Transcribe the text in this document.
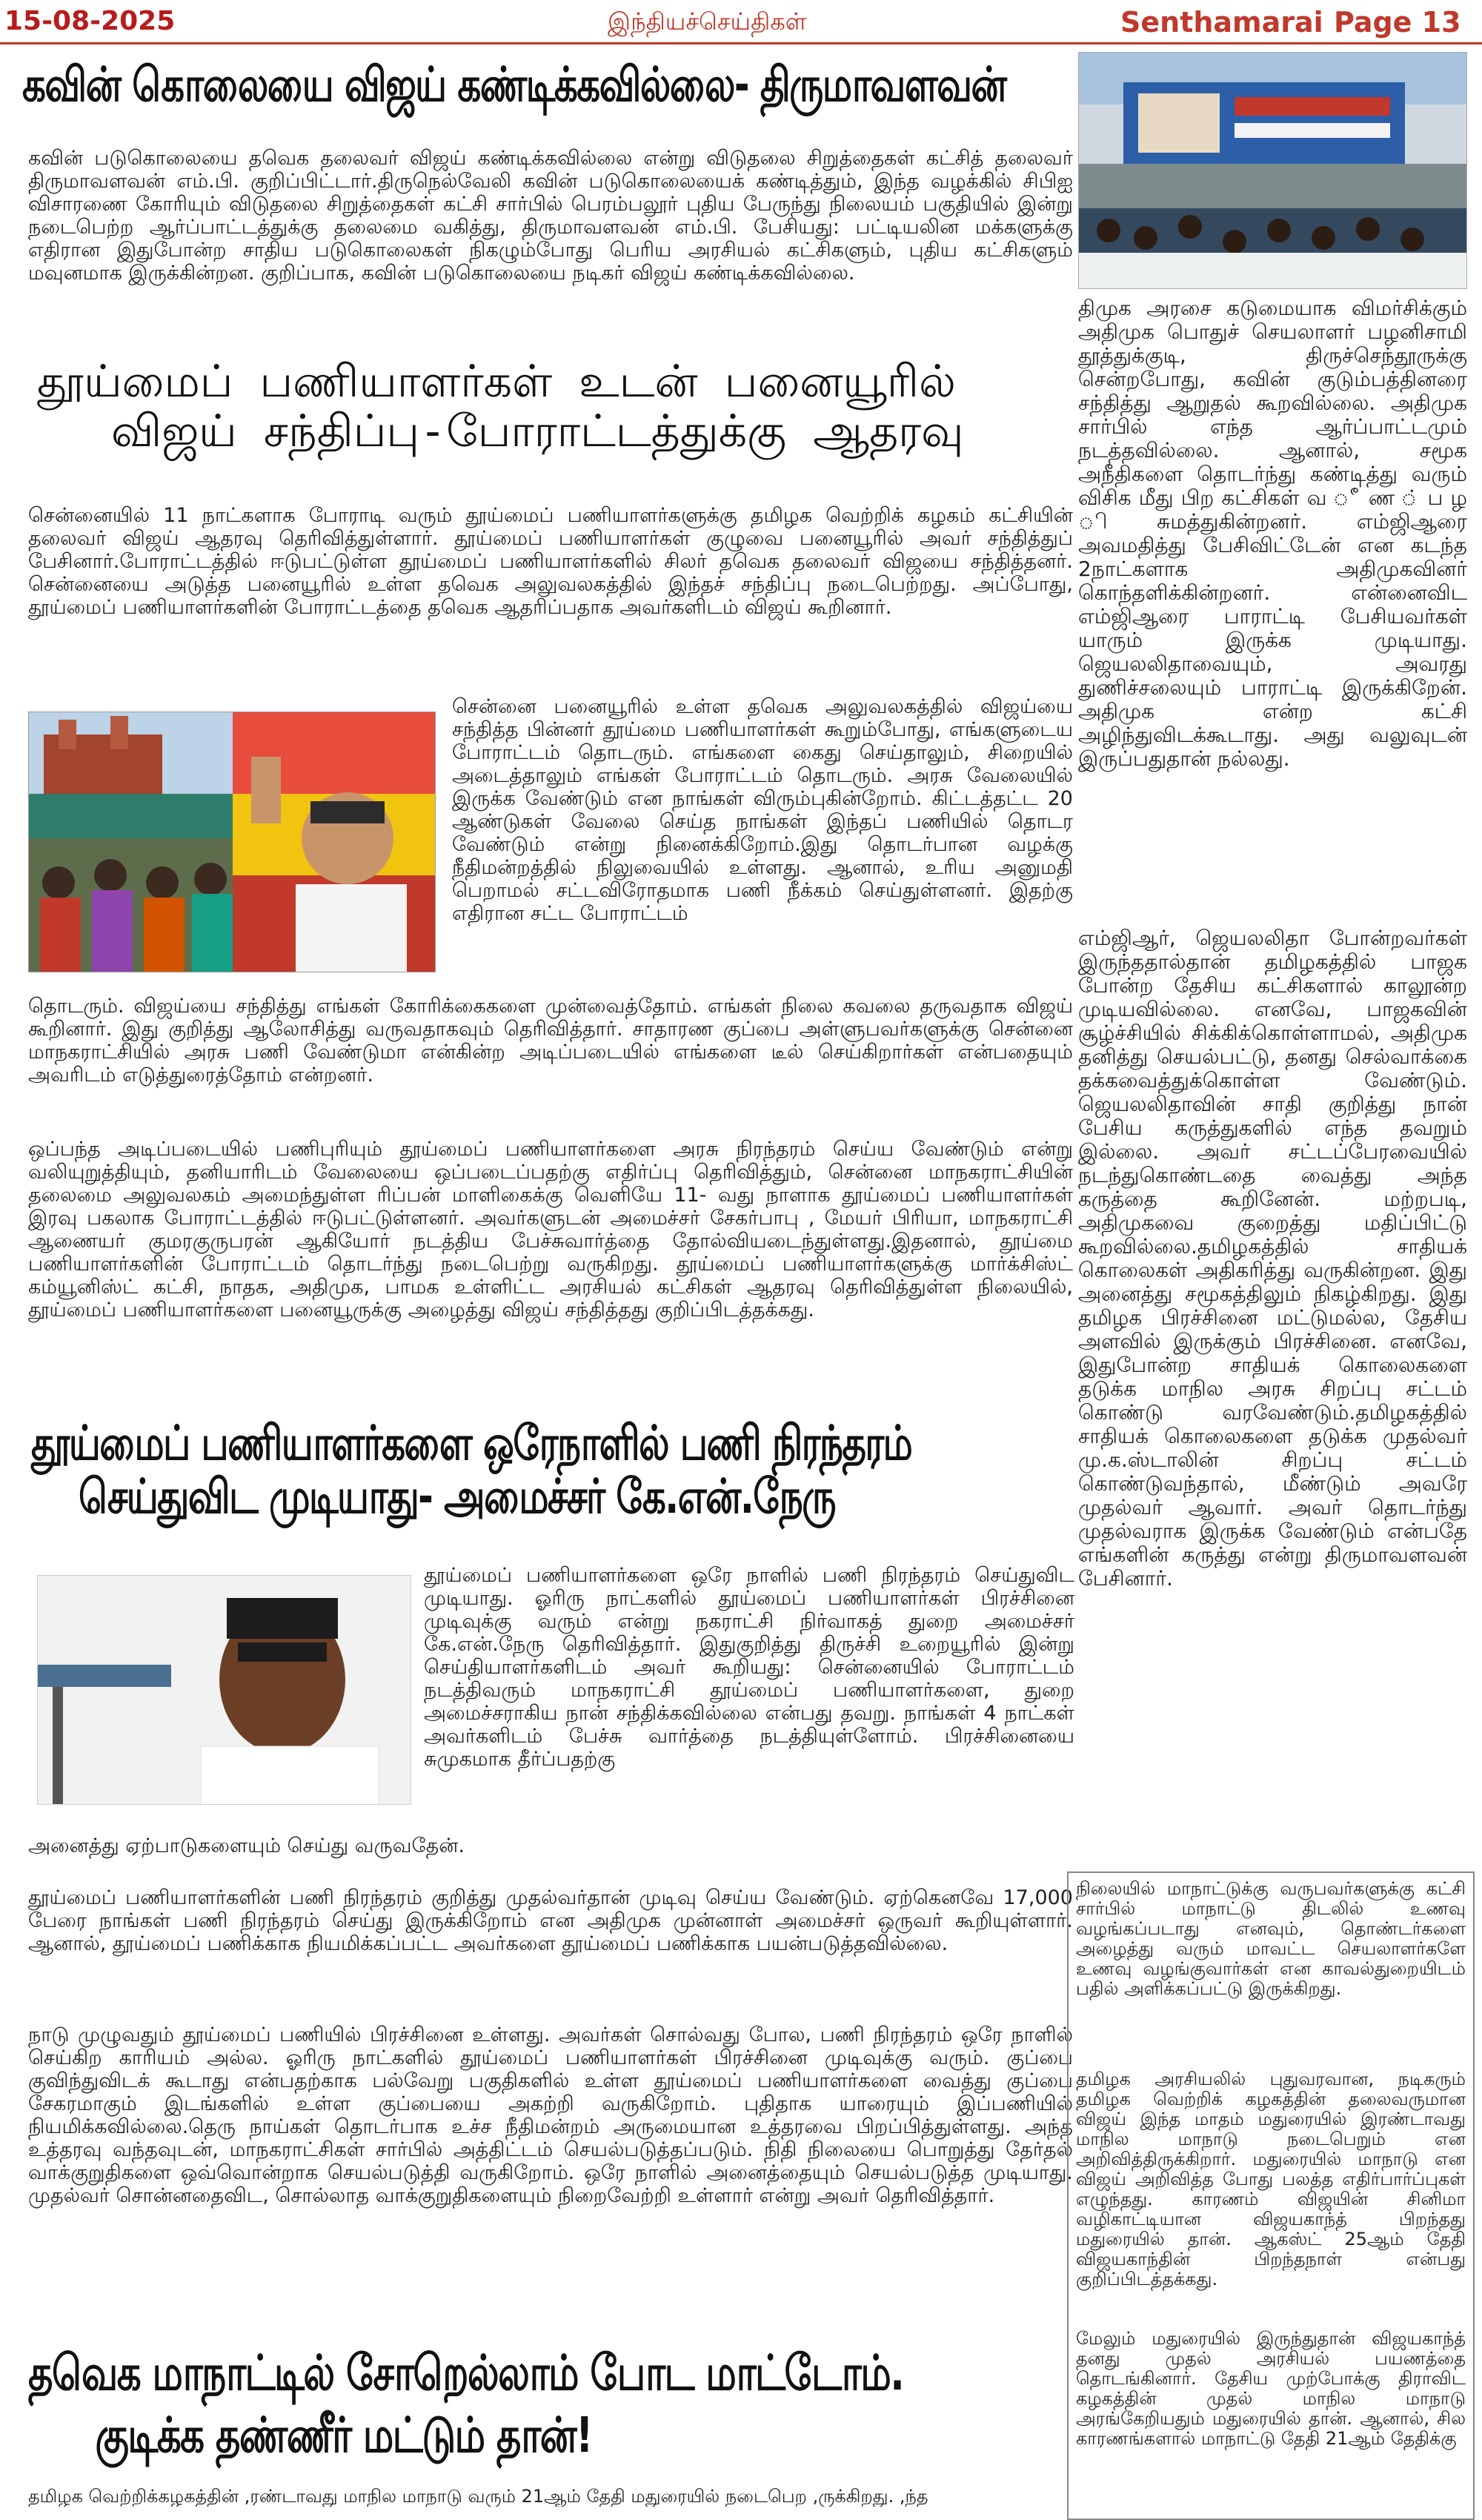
15-08-2025	இந்தியச்செய்திகள்	Senthamarai Page 13
கவின் கொலையை விஜய் கண்டிக்கவில்லை- திருமாவளவன்

கவின் படுகொலையை தவெக தலைவர் விஜய் கண்டிக்கவில்லை என்று விடுதலை சிறுத்தைகள் கட்சித் தலைவர் திருமாவளவன் எம்.பி. குறிப்பிட்டார்.திருநெல்வேலி கவின் படுகொலையைக் கண்டித்தும், இந்த வழக்கில் சிபிஐ விசாரணை கோரியும் விடுதலை சிறுத்தைகள் கட்சி சார்பில் பெரம்பலூர் புதிய பேருந்து நிலையம் பகுதியில் இன்று நடைபெற்ற ஆர்ப்பாட்டத்துக்கு தலைமை வகித்து, திருமாவளவன் எம்.பி. பேசியது: பட்டியலின மக்களுக்கு எதிரான இதுபோன்ற சாதிய படுகொலைகள் நிகழும்போது பெரிய அரசியல் கட்சிகளும், புதிய கட்சிகளும் மவுனமாக இருக்கின்றன. குறிப்பாக, கவின் படுகொலையை நடிகர் விஜய் கண்டிக்கவில்லை.

தூய்மைப் பணியாளர்கள் உடன் பனையூரில்
விஜய் சந்திப்பு-போராட்டத்துக்கு ஆதரவு

சென்னையில் 11 நாட்களாக போராடி வரும் தூய்மைப் பணியாளர்களுக்கு தமிழக வெற்றிக் கழகம் கட்சியின் தலைவர் விஜய் ஆதரவு தெரிவித்துள்ளார். தூய்மைப் பணியாளர்கள் குழுவை பனையூரில் அவர் சந்தித்துப் பேசினார்.போராட்டத்தில் ஈடுபட்டுள்ள தூய்மைப் பணியாளர்களில் சிலர் தவெக தலைவர் விஜயை சந்தித்தனர். சென்னையை அடுத்த பனையூரில் உள்ள தவெக அலுவலகத்தில் இந்தச் சந்திப்பு நடைபெற்றது. அப்போது, தூய்மைப் பணியாளர்களின் போராட்டத்தை தவெக ஆதரிப்பதாக அவர்களிடம் விஜய் கூறினார்.

சென்னை பனையூரில் உள்ள தவெக அலுவலகத்தில் விஜய்யை சந்தித்த பின்னர் தூய்மை பணியாளர்கள் கூறும்போது, எங்களுடைய போராட்டம் தொடரும். எங்களை கைது செய்தாலும், சிறையில் அடைத்தாலும் எங்கள் போராட்டம் தொடரும். அரசு வேலையில் இருக்க வேண்டும் என நாங்கள் விரும்புகின்றோம். கிட்டத்தட்ட 20 ஆண்டுகள் வேலை செய்த நாங்கள் இந்தப் பணியில் தொடர வேண்டும் என்று நினைக்கிறோம்.இது தொடர்பான வழக்கு நீதிமன்றத்தில் நிலுவையில் உள்ளது. ஆனால், உரிய அனுமதி பெறாமல் சட்டவிரோதமாக பணி நீக்கம் செய்துள்ளனர். இதற்கு எதிரான சட்ட போராட்டம்

தொடரும். விஜய்யை சந்தித்து எங்கள் கோரிக்கைகளை முன்வைத்தோம். எங்கள் நிலை கவலை தருவதாக விஜய் கூறினார். இது குறித்து ஆலோசித்து வருவதாகவும் தெரிவித்தார். சாதாரண குப்பை அள்ளுபவர்களுக்கு சென்னை மாநகராட்சியில் அரசு பணி வேண்டுமா என்கின்ற அடிப்படையில் எங்களை டீல் செய்கிறார்கள் என்பதையும் அவரிடம் எடுத்துரைத்தோம் என்றனர்.

ஒப்பந்த அடிப்படையில் பணிபுரியும் தூய்மைப் பணியாளர்களை அரசு நிரந்தரம் செய்ய வேண்டும் என்று வலியுறுத்தியும், தனியாரிடம் வேலையை ஒப்படைப்பதற்கு எதிர்ப்பு தெரிவித்தும், சென்னை மாநகராட்சியின் தலைமை அலுவலகம் அமைந்துள்ள ரிப்பன் மாளிகைக்கு வெளியே 11- வது நாளாக தூய்மைப் பணியாளர்கள் இரவு பகலாக போராட்டத்தில் ஈடுபட்டுள்ளனர். அவர்களுடன் அமைச்சர் சேகர்பாபு , மேயர் பிரியா, மாநகராட்சி ஆணையர் குமரகுருபரன் ஆகியோர் நடத்திய பேச்சுவார்த்தை தோல்வியடைந்துள்ளது.இதனால், தூய்மை பணியாளர்களின் போராட்டம் தொடர்ந்து நடைபெற்று வருகிறது. தூய்மைப் பணியாளர்களுக்கு மார்க்சிஸ்ட் கம்யூனிஸ்ட் கட்சி, நாதக, அதிமுக, பாமக உள்ளிட்ட அரசியல் கட்சிகள் ஆதரவு தெரிவித்துள்ள நிலையில், தூய்மைப் பணியாளர்களை பனையூருக்கு அழைத்து விஜய் சந்தித்தது குறிப்பிடத்தக்கது.

தூய்மைப் பணியாளர்களை ஒரேநாளில் பணி நிரந்தரம்
செய்துவிட முடியாது- அமைச்சர் கே.என்.நேரு

தூய்மைப் பணியாளர்களை ஒரே நாளில் பணி நிரந்தரம் செய்துவிட முடியாது. ஓரிரு நாட்களில் தூய்மைப் பணியாளர்கள் பிரச்சினை முடிவுக்கு வரும் என்று நகராட்சி நிர்வாகத் துறை அமைச்சர் கே.என்.நேரு தெரிவித்தார். இதுகுறித்து திருச்சி உறையூரில் இன்று செய்தியாளர்களிடம் அவர் கூறியது: சென்னையில் போராட்டம் நடத்திவரும் மாநகராட்சி தூய்மைப் பணியாளர்களை, துறை அமைச்சராகிய நான் சந்திக்கவில்லை என்பது தவறு. நாங்கள் 4 நாட்கள் அவர்களிடம் பேச்சு வார்த்தை நடத்தியுள்ளோம். பிரச்சினையை சுமுகமாக தீர்ப்பதற்கு

அனைத்து ஏற்பாடுகளையும் செய்து வருவதேன்.

தூய்மைப் பணியாளர்களின் பணி நிரந்தரம் குறித்து முதல்வர்தான் முடிவு செய்ய வேண்டும். ஏற்கெனவே 17,000 பேரை நாங்கள் பணி நிரந்தரம் செய்து இருக்கிறோம் என அதிமுக முன்னாள் அமைச்சர் ஒருவர் கூறியுள்ளார். ஆனால், தூய்மைப் பணிக்காக நியமிக்கப்பட்ட அவர்களை தூய்மைப் பணிக்காக பயன்படுத்தவில்லை.

நாடு முழுவதும் தூய்மைப் பணியில் பிரச்சினை உள்ளது. அவர்கள் சொல்வது போல, பணி நிரந்தரம் ஒரே நாளில் செய்கிற காரியம் அல்ல. ஓரிரு நாட்களில் தூய்மைப் பணியாளர்கள் பிரச்சினை முடிவுக்கு வரும். குப்பை குவிந்துவிடக் கூடாது என்பதற்காக பல்வேறு பகுதிகளில் உள்ள தூய்மைப் பணியாளர்களை வைத்து குப்பை சேகரமாகும் இடங்களில் உள்ள குப்பையை அகற்றி வருகிறோம். புதிதாக யாரையும் இப்பணியில் நியமிக்கவில்லை.தெரு நாய்கள் தொடர்பாக உச்ச நீதிமன்றம் அருமையான உத்தரவை பிறப்பித்துள்ளது. அந்த உத்தரவு வந்தவுடன், மாநகராட்சிகள் சார்பில் அத்திட்டம் செயல்படுத்தப்படும். நிதி நிலையை பொறுத்து தேர்தல் வாக்குறுதிகளை ஒவ்வொன்றாக செயல்படுத்தி வருகிறோம். ஒரே நாளில் அனைத்தையும் செயல்படுத்த முடியாது. முதல்வர் சொன்னதைவிட, சொல்லாத வாக்குறுதிகளையும் நிறைவேற்றி உள்ளார் என்று அவர் தெரிவித்தார்.

தவெக மாநாட்டில் சோறெல்லாம் போட மாட்டோம்.
குடிக்க தண்ணீர் மட்டும் தான்!

தமிழக வெற்றிக்கழகத்தின் ,ரண்டாவது மாநில மாநாடு வரும் 21ஆம் தேதி மதுரையில் நடைபெற ,ருக்கிறது. ,ந்த

திமுக அரசை கடுமையாக விமர்சிக்கும் அதிமுக பொதுச் செயலாளர் பழனிசாமி தூத்துக்குடி, திருச்செந்தூருக்கு சென்றபோது, கவின் குடும்பத்தினரை சந்தித்து ஆறுதல் கூறவில்லை. அதிமுக சார்பில் எந்த ஆர்ப்பாட்டமும் நடத்தவில்லை. ஆனால், சமூக அநீதிகளை தொடர்ந்து கண்டித்து வரும் விசிக மீது பிற கட்சிகள் வ ீ ண ் ப ழ ி சுமத்துகின்றனர். எம்ஜிஆரை அவமதித்து பேசிவிட்டேன் என கடந்த 2நாட்களாக அதிமுகவினர் கொந்தளிக்கின்றனர். என்னைவிட எம்ஜிஆரை பாராட்டி பேசியவர்கள் யாரும் இருக்க முடியாது. ஜெயலலிதாவையும், அவரது துணிச்சலையும் பாராட்டி இருக்கிறேன். அதிமுக என்ற கட்சி அழிந்துவிடக்கூடாது. அது வலுவுடன் இருப்பதுதான் நல்லது.

எம்ஜிஆர், ஜெயலலிதா போன்றவர்கள் இருந்ததால்தான் தமிழகத்தில் பாஜக போன்ற தேசிய கட்சிகளால் காலூன்ற முடியவில்லை. எனவே, பாஜகவின் சூழ்ச்சியில் சிக்கிக்கொள்ளாமல், அதிமுக தனித்து செயல்பட்டு, தனது செல்வாக்கை தக்கவைத்துக்கொள்ள வேண்டும். ஜெயலலிதாவின் சாதி குறித்து நான் பேசிய கருத்துகளில் எந்த தவறும் இல்லை. அவர் சட்டப்பேரவையில் நடந்துகொண்டதை வைத்து அந்த கருத்தை கூறினேன். மற்றபடி, அதிமுகவை குறைத்து மதிப்பிட்டு கூறவில்லை.தமிழகத்தில் சாதியக் கொலைகள் அதிகரித்து வருகின்றன. இது அனைத்து சமூகத்திலும் நிகழ்கிறது. இது தமிழக பிரச்சினை மட்டுமல்ல, தேசிய அளவில் இருக்கும் பிரச்சினை. எனவே, இதுபோன்ற சாதியக் கொலைகளை தடுக்க மாநில அரசு சிறப்பு சட்டம் கொண்டு வரவேண்டும்.தமிழகத்தில் சாதியக் கொலைகளை தடுக்க முதல்வர் மு.க.ஸ்டாலின் சிறப்பு சட்டம் கொண்டுவந்தால், மீண்டும் அவரே முதல்வர் ஆவார். அவர் தொடர்ந்து முதல்வராக இருக்க வேண்டும் என்பதே எங்களின் கருத்து என்று திருமாவளவன் பேசினார்.

நிலையில் மாநாட்டுக்கு வருபவர்களுக்கு கட்சி சார்பில் மாநாட்டு திடலில் உணவு வழங்கப்படாது எனவும், தொண்டர்களை அழைத்து வரும் மாவட்ட செயலாளர்களே உணவு வழங்குவார்கள் என காவல்துறையிடம் பதில் அளிக்கப்பட்டு இருக்கிறது.

தமிழக அரசியலில் புதுவரவான, நடிகரும் தமிழக வெற்றிக் கழகத்தின் தலைவருமான விஜய் இந்த மாதம் மதுரையில் இரண்டாவது மாநில மாநாடு நடைபெறும் என அறிவித்திருக்கிறார். மதுரையில் மாநாடு என விஜய் அறிவித்த போது பலத்த எதிர்பார்ப்புகள் எழுந்தது. காரணம் விஜயின் சினிமா வழிகாட்டியான விஜயகாந்த் பிறந்தது மதுரையில் தான். ஆகஸ்ட் 25ஆம் தேதி விஜயகாந்தின் பிறந்தநாள் என்பது குறிப்பிடத்தக்கது.

மேலும் மதுரையில் இருந்துதான் விஜயகாந்த் தனது முதல் அரசியல் பயணத்தை தொடங்கினார். தேசிய முற்போக்கு திராவிட கழகத்தின் முதல் மாநில மாநாடு அரங்கேறியதும் மதுரையில் தான். ஆனால், சில காரணங்களால் மாநாட்டு தேதி 21ஆம் தேதிக்கு
